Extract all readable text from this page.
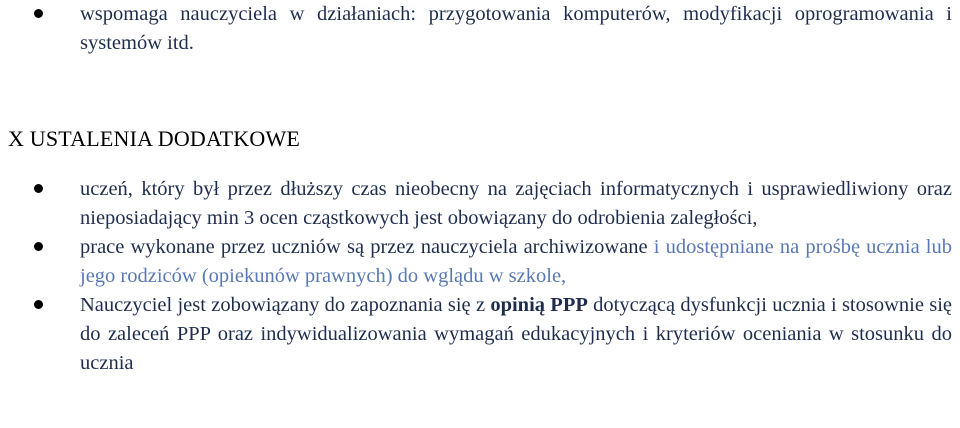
wspomaga nauczyciela w działaniach: przygotowania komputerów, modyfikacji oprogramowania i systemów itd.
X USTALENIA DODATKOWE
uczeń, który był przez dłuższy czas nieobecny na zajęciach informatycznych i usprawiedliwiony oraz nieposiadający min 3 ocen cząstkowych jest obowiązany do odrobienia zaległości,
prace wykonane przez uczniów są przez nauczyciela archiwizowane i udostępniane na prośbę ucznia lub jego rodziców (opiekunów prawnych) do wglądu w szkole,
Nauczyciel jest zobowiązany do zapoznania się z opinią PPP dotyczącą dysfunkcji ucznia i stosownie się do zaleceń PPP oraz indywidualizowania wymagań edukacyjnych i kryteriów oceniania w stosunku do ucznia
